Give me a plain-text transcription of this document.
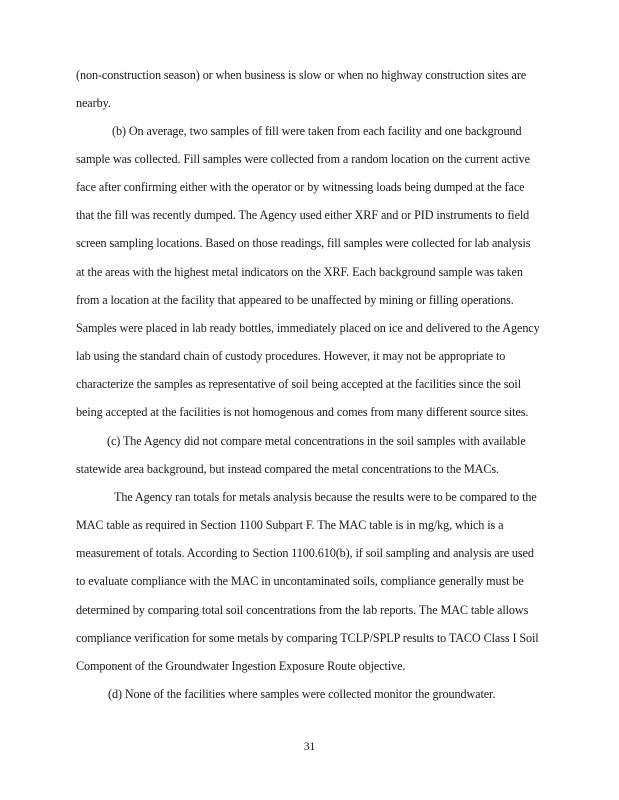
(non-construction season) or when business is slow or when no highway construction sites are
nearby.
(b) On average, two samples of fill were taken from each facility and one background
sample was collected. Fill samples were collected from a random location on the current active
face after confirming either with the operator or by witnessing loads being dumped at the face
that the fill was recently dumped. The Agency used either XRF and or PID instruments to field
screen sampling locations. Based on those readings, fill samples were collected for lab analysis
at the areas with the highest metal indicators on the XRF. Each background sample was taken
from a location at the facility that appeared to be unaffected by mining or filling operations.
Samples were placed in lab ready bottles, immediately placed on ice and delivered to the Agency
lab using the standard chain of custody procedures. However, it may not be appropriate to
characterize the samples as representative of soil being accepted at the facilities since the soil
being accepted at the facilities is not homogenous and comes from many different source sites.
(c) The Agency did not compare metal concentrations in the soil samples with available
statewide area background, but instead compared the metal concentrations to the MACs.
The Agency ran totals for metals analysis because the results were to be compared to the
MAC table as required in Section 1100 Subpart F. The MAC table is in mg/kg, which is a
measurement of totals. According to Section 1100.610(b), if soil sampling and analysis are used
to evaluate compliance with the MAC in uncontaminated soils, compliance generally must be
determined by comparing total soil concentrations from the lab reports. The MAC table allows
compliance verification for some metals by comparing TCLP/SPLP results to TACO Class I Soil
Component of the Groundwater Ingestion Exposure Route objective.
(d) None of the facilities where samples were collected monitor the groundwater.
31
